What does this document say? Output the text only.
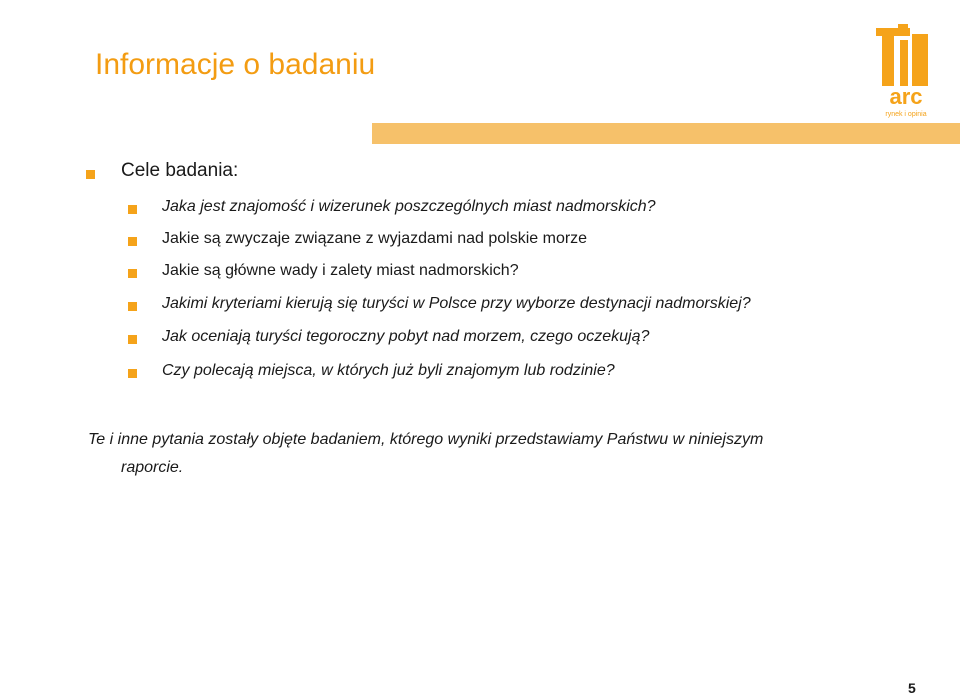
Informacje o badaniu
arc
rynek i opinia
Cele badania:
Jaka jest znajomość i wizerunek poszczególnych miast nadmorskich?
Jakie są zwyczaje związane z wyjazdami nad polskie morze
Jakie są główne wady i zalety miast nadmorskich?
Jakimi kryteriami kierują się turyści w Polsce przy wyborze destynacji nadmorskiej?
Jak oceniają turyści tegoroczny pobyt nad morzem, czego oczekują?
Czy polecają miejsca, w których już byli znajomym lub rodzinie?
Te i inne pytania zostały objęte badaniem, którego wyniki przedstawiamy Państwu w niniejszym
raporcie.
5
